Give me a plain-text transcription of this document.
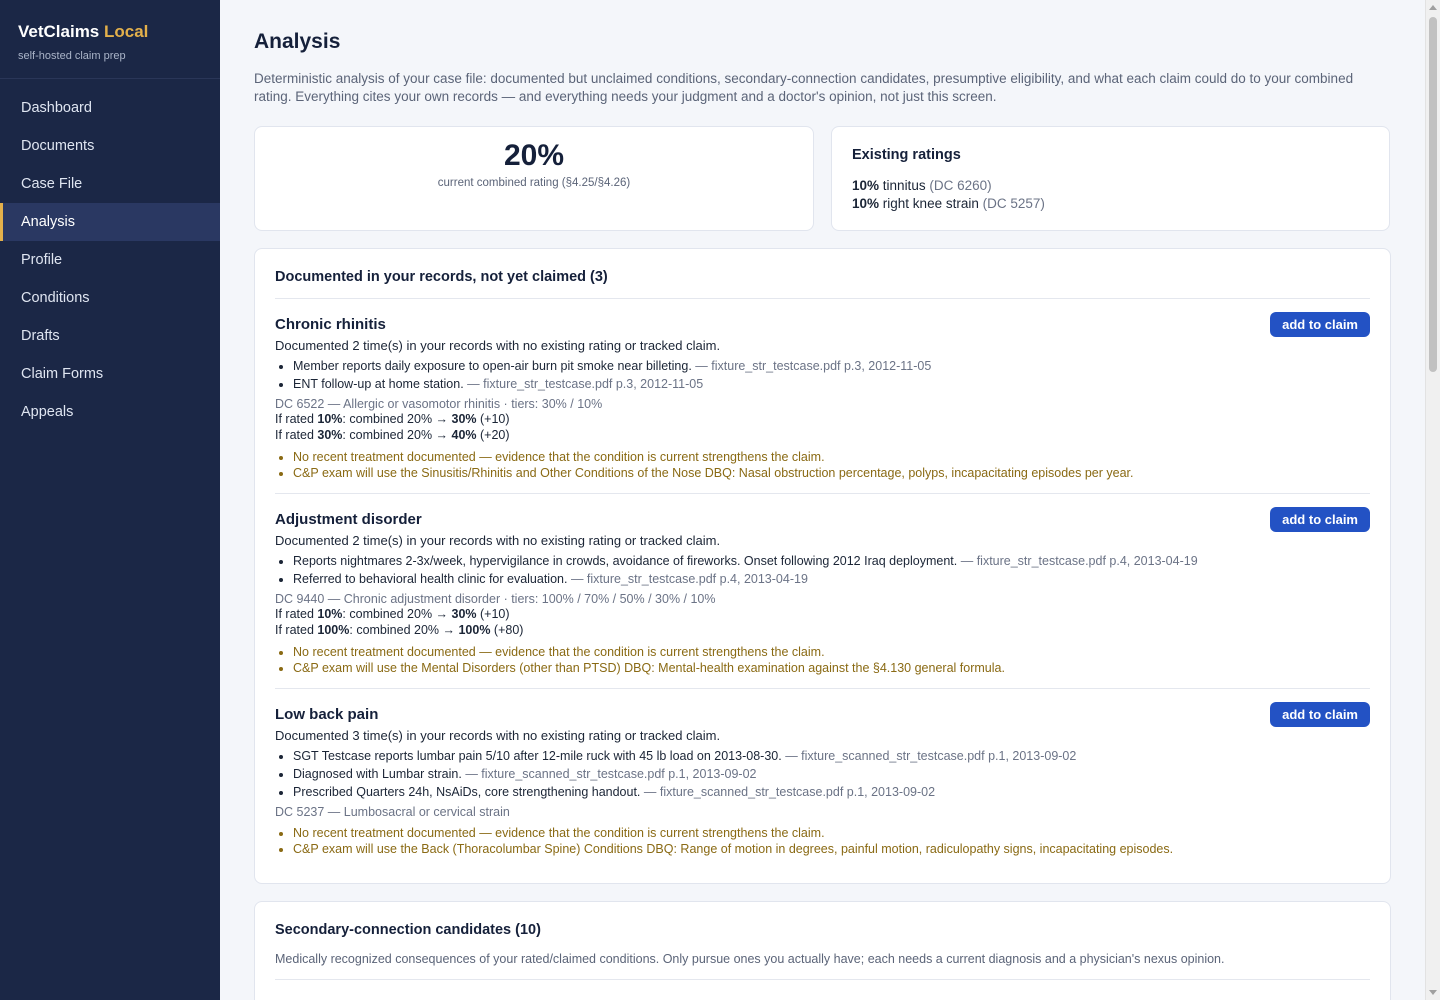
VetClaims Local
self-hosted claim prep
Dashboard
Documents
Case File
Analysis
Profile
Conditions
Drafts
Claim Forms
Appeals
Analysis

Deterministic analysis of your case file: documented but unclaimed conditions, secondary-connection candidates, presumptive eligibility, and what each claim could do to your combined rating. Everything cites your own records — and everything needs your judgment and a doctor's opinion, not just this screen.

20%
current combined rating (§4.25/§4.26)
Existing ratings
10% tinnitus (DC 6260)
10% right knee strain (DC 5257)
Documented in your records, not yet claimed (3)
Chronic rhinitis	add to claim
Documented 2 time(s) in your records with no existing rating or tracked claim.
• Member reports daily exposure to open-air burn pit smoke near billeting. — fixture_str_testcase.pdf p.3, 2012-11-05
• ENT follow-up at home station. — fixture_str_testcase.pdf p.3, 2012-11-05
DC 6522 — Allergic or vasomotor rhinitis · tiers: 30% / 10%
If rated 10%: combined 20% → 30% (+10)
If rated 30%: combined 20% → 40% (+20)
• No recent treatment documented — evidence that the condition is current strengthens the claim.
• C&P exam will use the Sinusitis/Rhinitis and Other Conditions of the Nose DBQ: Nasal obstruction percentage, polyps, incapacitating episodes per year.
Adjustment disorder	add to claim
Documented 2 time(s) in your records with no existing rating or tracked claim.
• Reports nightmares 2-3x/week, hypervigilance in crowds, avoidance of fireworks. Onset following 2012 Iraq deployment. — fixture_str_testcase.pdf p.4, 2013-04-19
• Referred to behavioral health clinic for evaluation. — fixture_str_testcase.pdf p.4, 2013-04-19
DC 9440 — Chronic adjustment disorder · tiers: 100% / 70% / 50% / 30% / 10%
If rated 10%: combined 20% → 30% (+10)
If rated 100%: combined 20% → 100% (+80)
• No recent treatment documented — evidence that the condition is current strengthens the claim.
• C&P exam will use the Mental Disorders (other than PTSD) DBQ: Mental-health examination against the §4.130 general formula.
Low back pain	add to claim
Documented 3 time(s) in your records with no existing rating or tracked claim.
• SGT Testcase reports lumbar pain 5/10 after 12-mile ruck with 45 lb load on 2013-08-30. — fixture_scanned_str_testcase.pdf p.1, 2013-09-02
• Diagnosed with Lumbar strain. — fixture_scanned_str_testcase.pdf p.1, 2013-09-02
• Prescribed Quarters 24h, NsAiDs, core strengthening handout. — fixture_scanned_str_testcase.pdf p.1, 2013-09-02
DC 5237 — Lumbosacral or cervical strain
• No recent treatment documented — evidence that the condition is current strengthens the claim.
• C&P exam will use the Back (Thoracolumbar Spine) Conditions DBQ: Range of motion in degrees, painful motion, radiculopathy signs, incapacitating episodes.
Secondary-connection candidates (10)
Medically recognized consequences of your rated/claimed conditions. Only pursue ones you actually have; each needs a current diagnosis and a physician's nexus opinion.
